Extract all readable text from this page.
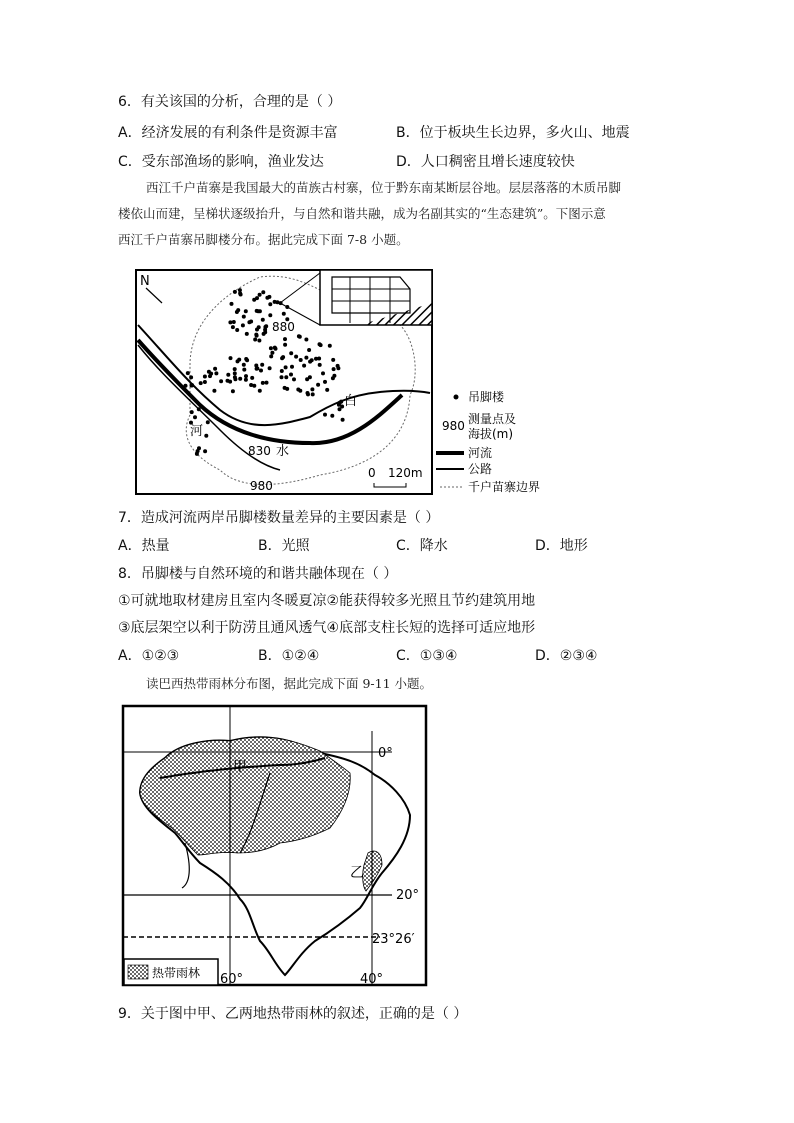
6．有关该国的分析，合理的是（ ）
A．经济发展的有利条件是资源丰富	B．位于板块生长边界，多火山、地震
C．受东部渔场的影响，渔业发达	D．人口稠密且增长速度较快
西江千户苗寨是我国最大的苗族古村寨，位于黔东南某断层谷地。层层落落的木质吊脚
楼依山而建，呈梯状逐级抬升，与自然和谐共融，成为名副其实的“生态建筑”。下图示意
西江千户苗寨吊脚楼分布。据此完成下面 7-8 小题。
N
880
白
河
830 水
980
0 120m
吊脚楼
980 测量点及
海拔(m)
河流
公路
千户苗寨边界
7．造成河流两岸吊脚楼数量差异的主要因素是（ ）
A．热量	B．光照	C．降水	D．地形
8．吊脚楼与自然环境的和谐共融体现在（ ）
①可就地取材建房且室内冬暖夏凉②能获得较多光照且节约建筑用地
③底层架空以利于防涝且通风透气④底部支柱长短的选择可适应地形
A．①②③	B．①②④	C．①③④	D．②③④
读巴西热带雨林分布图，据此完成下面 9-11 小题。
0°
20°
23°26′
60°	40°
甲
乙
热带雨林
9．关于图中甲、乙两地热带雨林的叙述，正确的是（ ）
